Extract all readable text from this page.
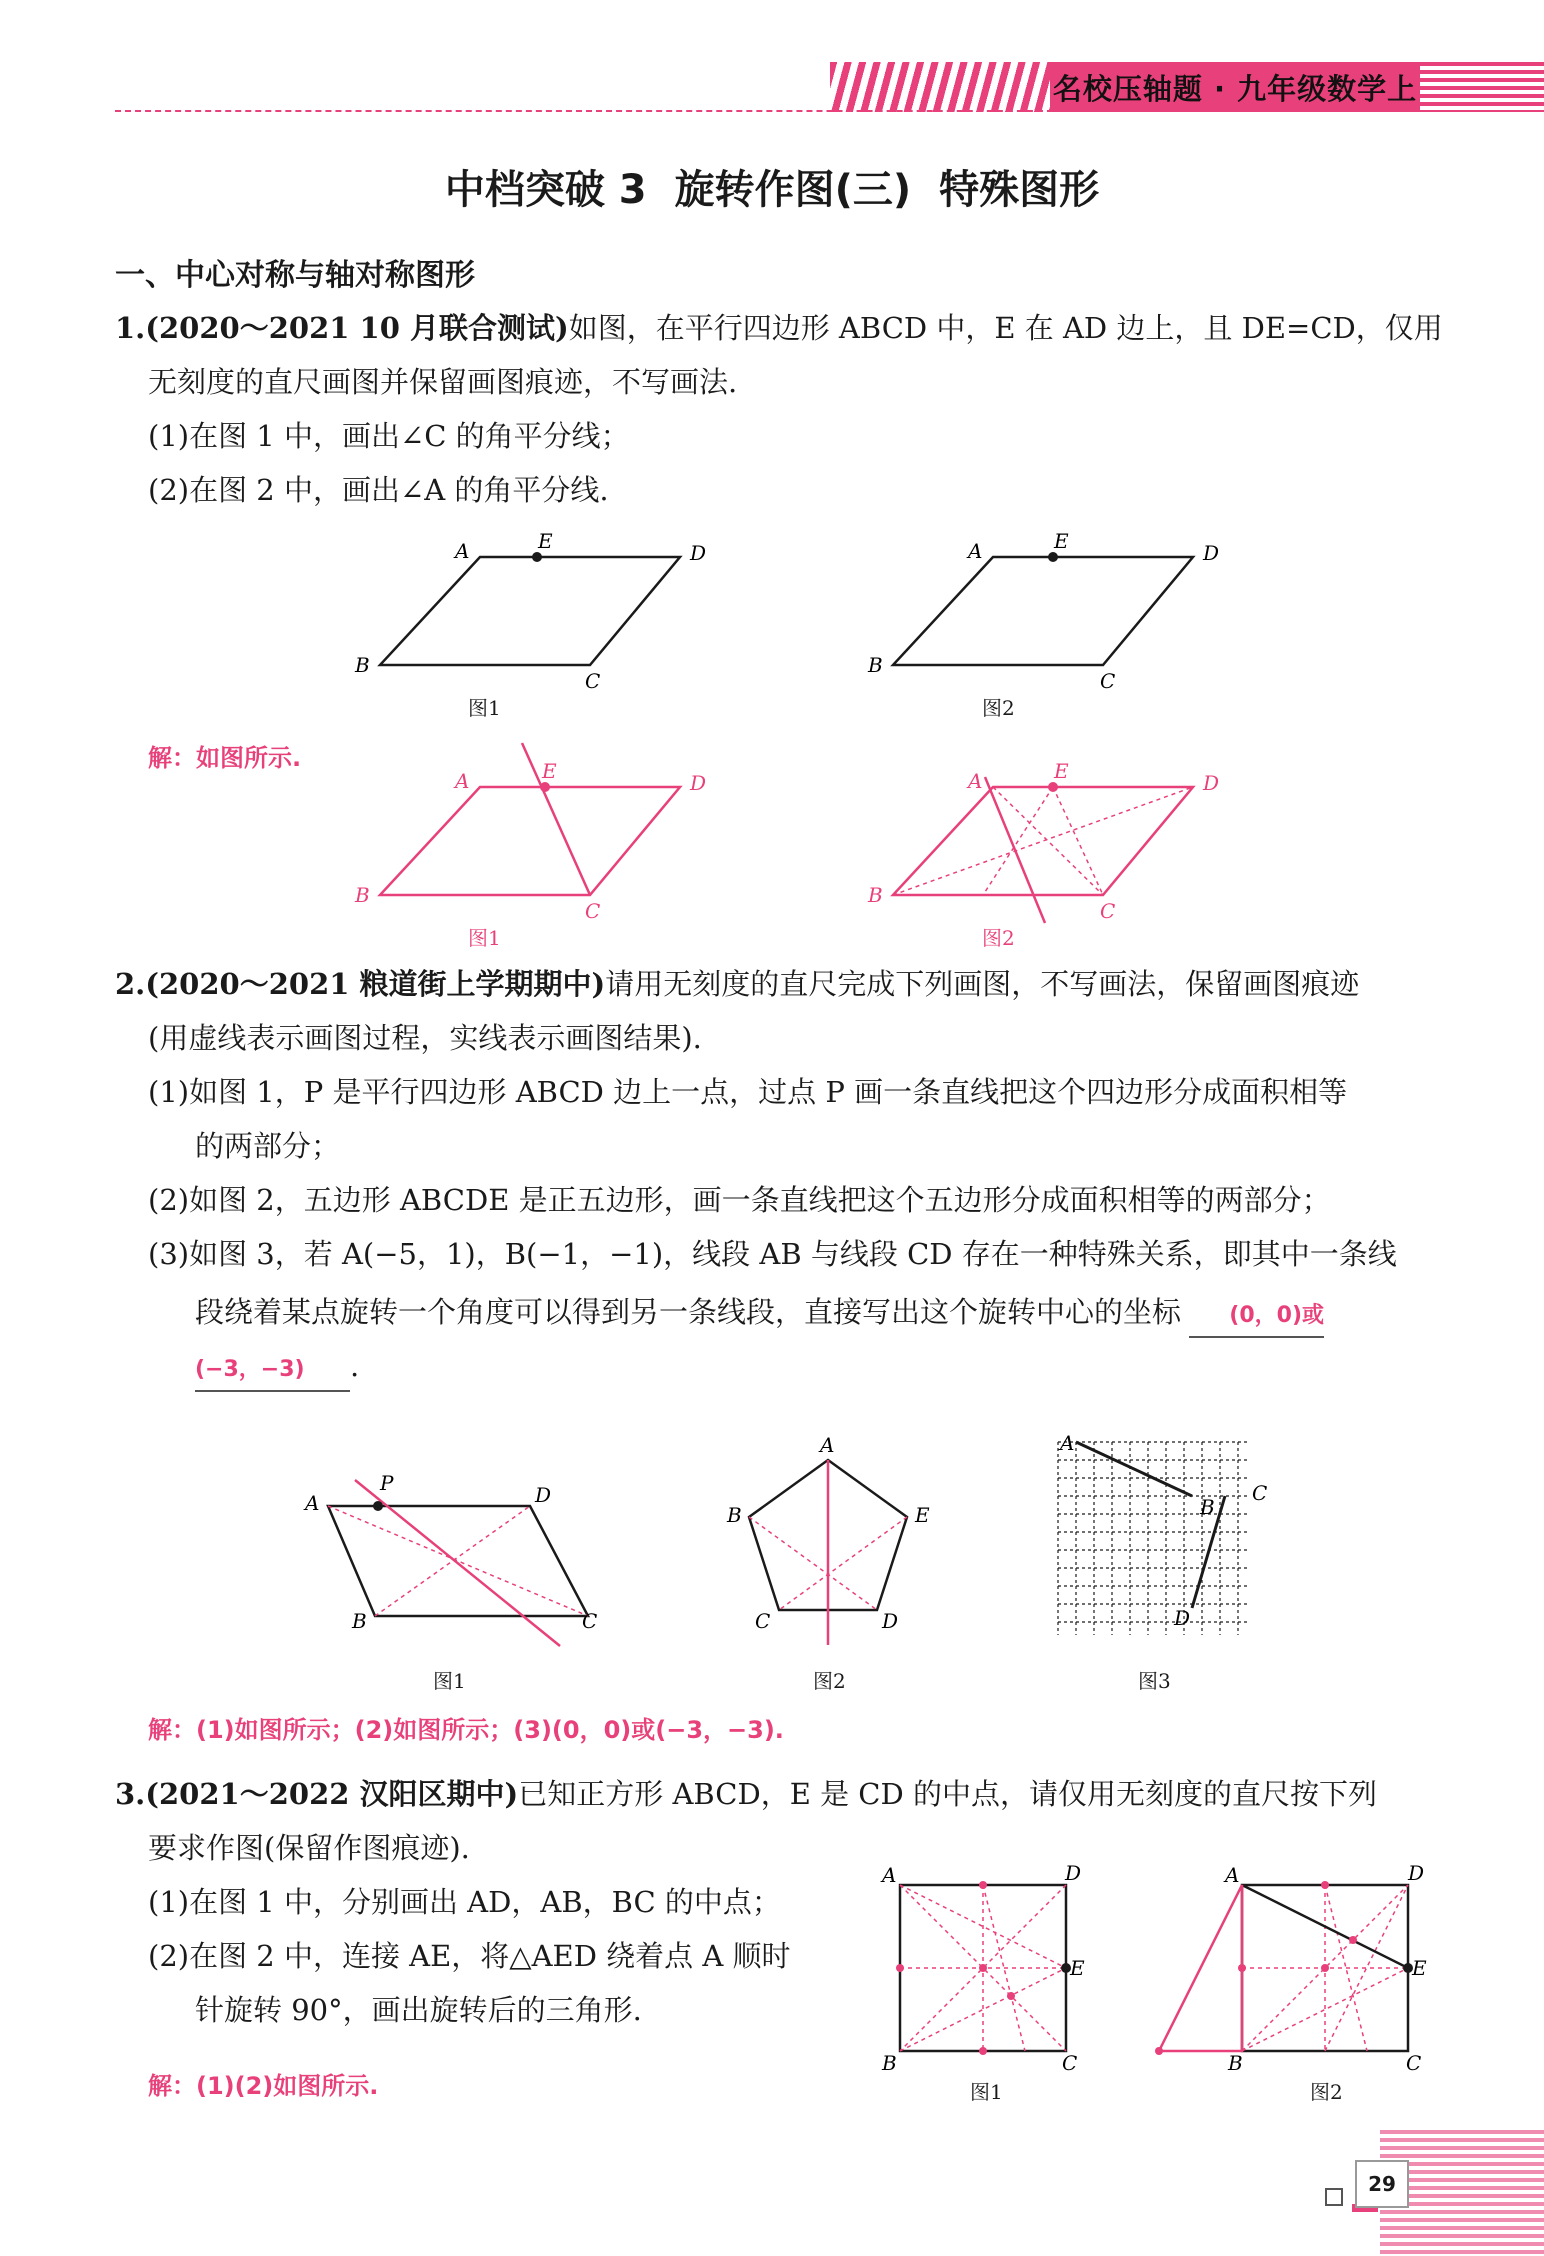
名校压轴题 · 九年级数学上
中档突破 3 旋转作图(三) 特殊图形
一、中心对称与轴对称图形
1.(2020～2021 10 月联合测试)如图，在平行四边形 ABCD 中，E 在 AD 边上，且 DE=CD，仅用
无刻度的直尺画图并保留画图痕迹，不写画法.
(1)在图 1 中，画出∠C 的角平分线；
(2)在图 2 中，画出∠A 的角平分线.
A	E	D
B
C
A	E	D
B
C
图1	图2
解：如图所示.
A	E	D
B
C
A	E	D
B
C
图1	图2
2.(2020～2021 粮道街上学期期中)请用无刻度的直尺完成下列画图，不写画法，保留画图痕迹
(用虚线表示画图过程，实线表示画图结果).
(1)如图 1，P 是平行四边形 ABCD 边上一点，过点 P 画一条直线把这个四边形分成面积相等
的两部分；
(2)如图 2，五边形 ABCDE 是正五边形，画一条直线把这个五边形分成面积相等的两部分；
(3)如图 3，若 A(−5，1)，B(−1，−1)，线段 AB 与线段 CD 存在一种特殊关系，即其中一条线
段绕着某点旋转一个角度可以得到另一条线段，直接写出这个旋转中心的坐标 (0，0)或
(−3，−3) .
P
A	D
B	C
A
B	E
C	D
A
B
C
D
图1	图2	图3
解：(1)如图所示；(2)如图所示；(3)(0，0)或(−3，−3).
3.(2021～2022 汉阳区期中)已知正方形 ABCD，E 是 CD 的中点，请仅用无刻度的直尺按下列
要求作图(保留作图痕迹).
(1)在图 1 中，分别画出 AD，AB，BC 的中点；
(2)在图 2 中，连接 AE，将△AED 绕着点 A 顺时
针旋转 90°，画出旋转后的三角形.
解：(1)(2)如图所示.
A	D
E
B	C
A	D
E
B	C
图1	图2
29
